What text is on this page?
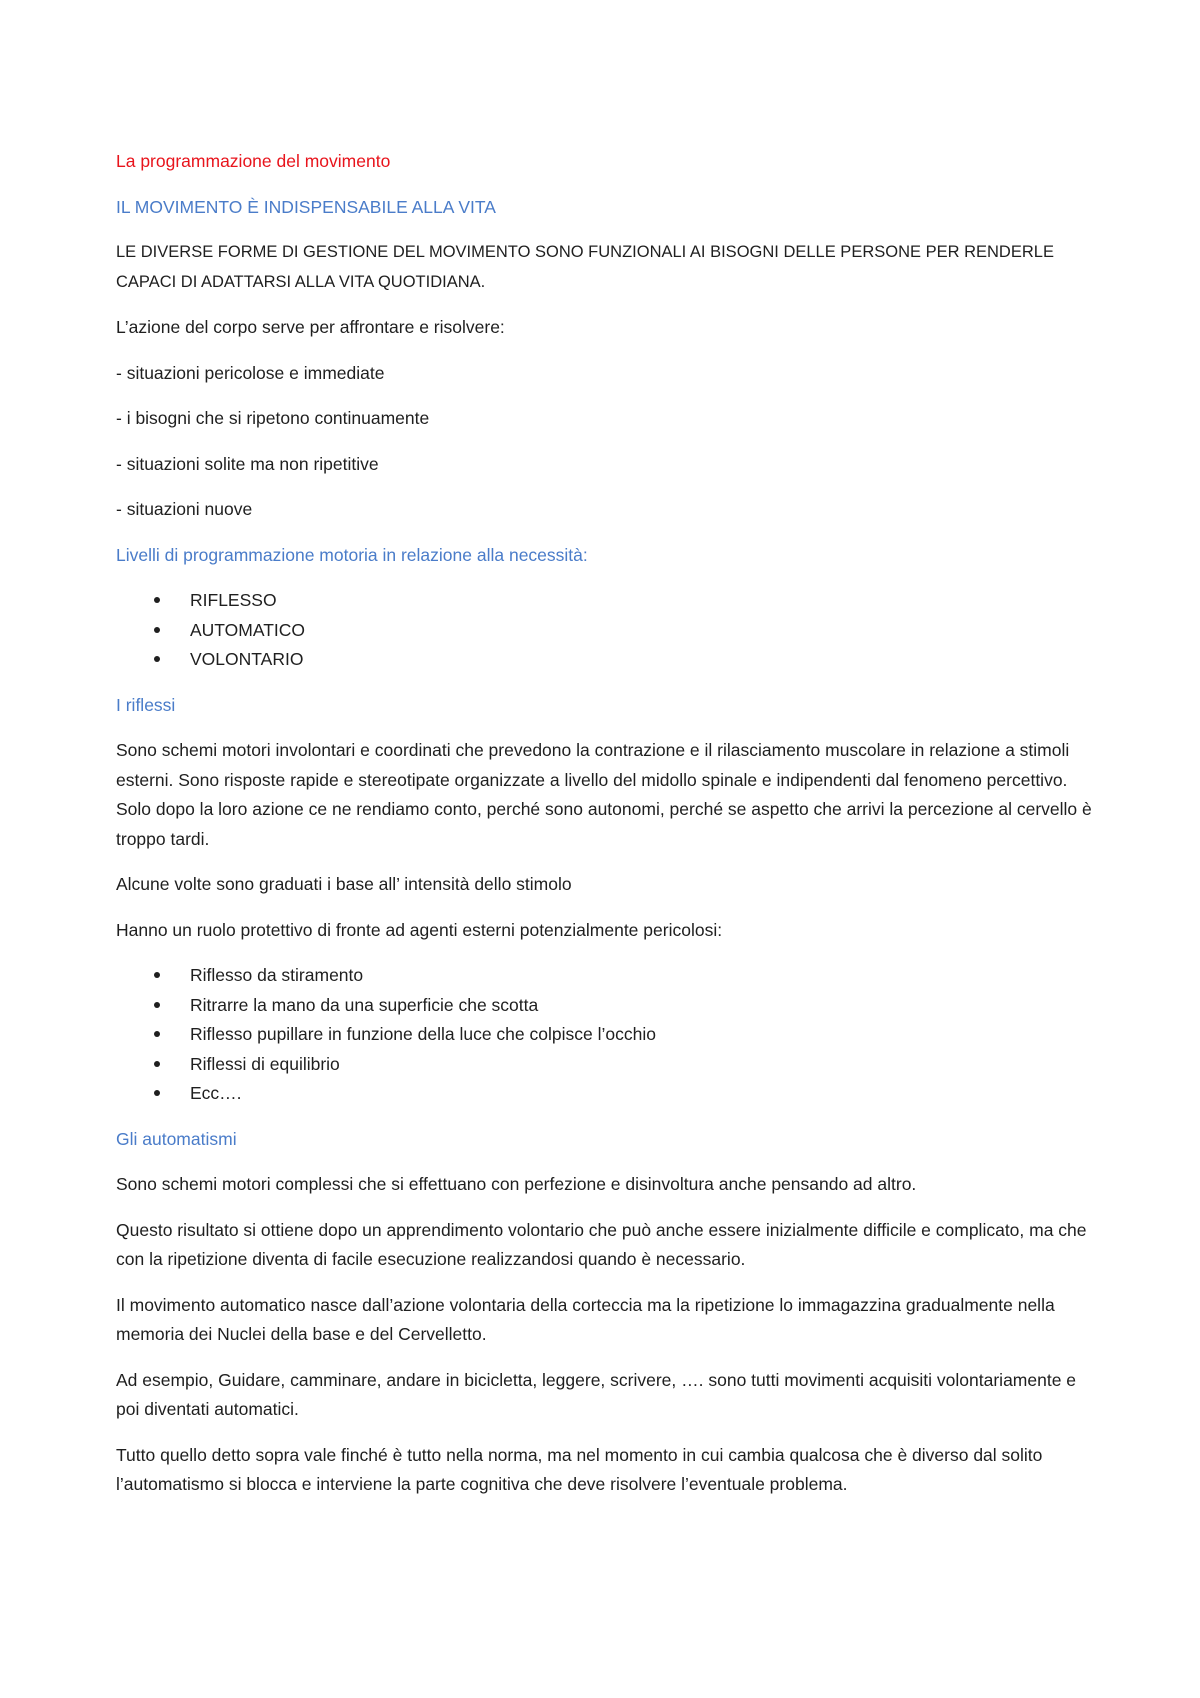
La programmazione del movimento

IL MOVIMENTO È INDISPENSABILE ALLA VITA

LE DIVERSE FORME DI GESTIONE DEL MOVIMENTO SONO FUNZIONALI AI BISOGNI DELLE PERSONE PER RENDERLE CAPACI DI ADATTARSI ALLA VITA QUOTIDIANA.

L’azione del corpo serve per affrontare e risolvere:

- situazioni pericolose e immediate

- i bisogni che si ripetono continuamente

- situazioni solite ma non ripetitive

- situazioni nuove

Livelli di programmazione motoria in relazione alla necessità:

RIFLESSO
AUTOMATICO
VOLONTARIO

I riflessi

Sono schemi motori involontari e coordinati che prevedono la contrazione e il rilasciamento muscolare in relazione a stimoli esterni. Sono risposte rapide e stereotipate organizzate a livello del midollo spinale e indipendenti dal fenomeno percettivo. Solo dopo la loro azione ce ne rendiamo conto, perché sono autonomi, perché se aspetto che arrivi la percezione al cervello è troppo tardi.

Alcune volte sono graduati i base all’ intensità dello stimolo

Hanno un ruolo protettivo di fronte ad agenti esterni potenzialmente pericolosi:

Riflesso da stiramento
Ritrarre la mano da una superficie che scotta
Riflesso pupillare in funzione della luce che colpisce l’occhio
Riflessi di equilibrio
Ecc….

Gli automatismi

Sono schemi motori complessi che si effettuano con perfezione e disinvoltura anche pensando ad altro.

Questo risultato si ottiene dopo un apprendimento volontario che può anche essere inizialmente difficile e complicato, ma che con la ripetizione diventa di facile esecuzione realizzandosi quando è necessario.

Il movimento automatico nasce dall’azione volontaria della corteccia ma la ripetizione lo immagazzina gradualmente nella memoria dei Nuclei della base e del Cervelletto.

Ad esempio, Guidare, camminare, andare in bicicletta, leggere, scrivere, …. sono tutti movimenti acquisiti volontariamente e poi diventati automatici.

Tutto quello detto sopra vale finché è tutto nella norma, ma nel momento in cui cambia qualcosa che è diverso dal solito l’automatismo si blocca e interviene la parte cognitiva che deve risolvere l’eventuale problema.
